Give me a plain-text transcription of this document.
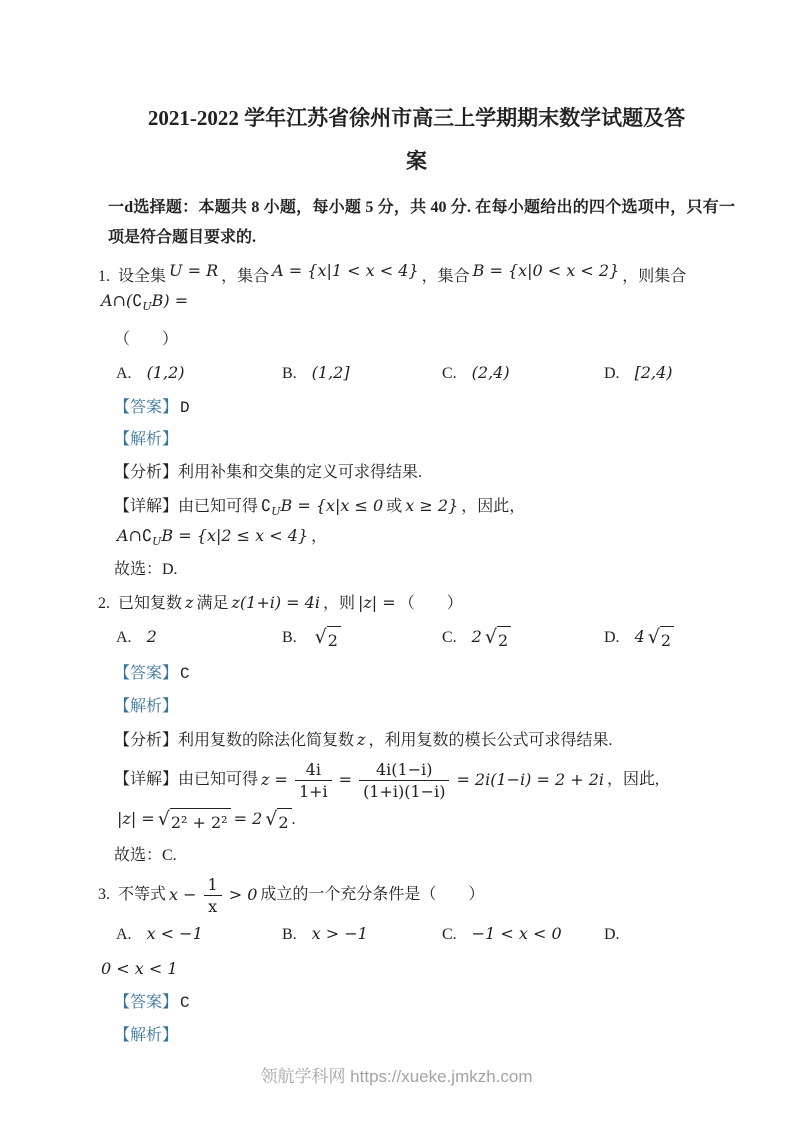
2021-2022 学年江苏省徐州市高三上学期期末数学试题及答
案

一d选择题：本题共 8 小题，每小题 5 分，共 40 分. 在每小题给出的四个选项中，只有一项是符合题目要求的.

1. 设全集 U = R ，集合 A = {x|1 < x < 4} ，集合 B = {x|0 < x < 2} ，则集合$A\cap(∁_UB)$ =

（　　）

A. (1,2)	B. (1,2]	C. (2,4)	D. [2,4)

【答案】 D

【解析】

【分析】利用补集和交集的定义可求得结果.

【详解】由已知可得 $∁_UB = \{x|x \le 0$ 或 x ≥ 2} ，因此，$A\cap∁_UB = \{x|2 \le x < 4\}$ ，

故选：D.

2. 已知复数 z 满足 z(1+i) = 4i ，则 |z| = （　　）

A. 2	B. √ 2	C. 2 √ 2	D. 4 √ 2

【答案】 C

【解析】

【分析】利用复数的除法化简复数 z ，利用复数的模长公式可求得结果.

【详解】 由已知可得 $z = \frac{4i}{1+i} = \frac{4i(1-i)}{(1+i)(1-i)} = 2i(1-i) = 2 + 2i$ ，因此,

|z| = √ 2² + 2² = 2 √ 2 .

故选：C.

3. 不等式 $x - \frac{1}{x} > 0$ 成立的一个充分条件是（　　）
A. x < −1	B. x > −1	C. −1 < x < 0	D.

0 < x < 1

【答案】 C

【解析】

领航学科网 https://xueke.jmkzh.com
